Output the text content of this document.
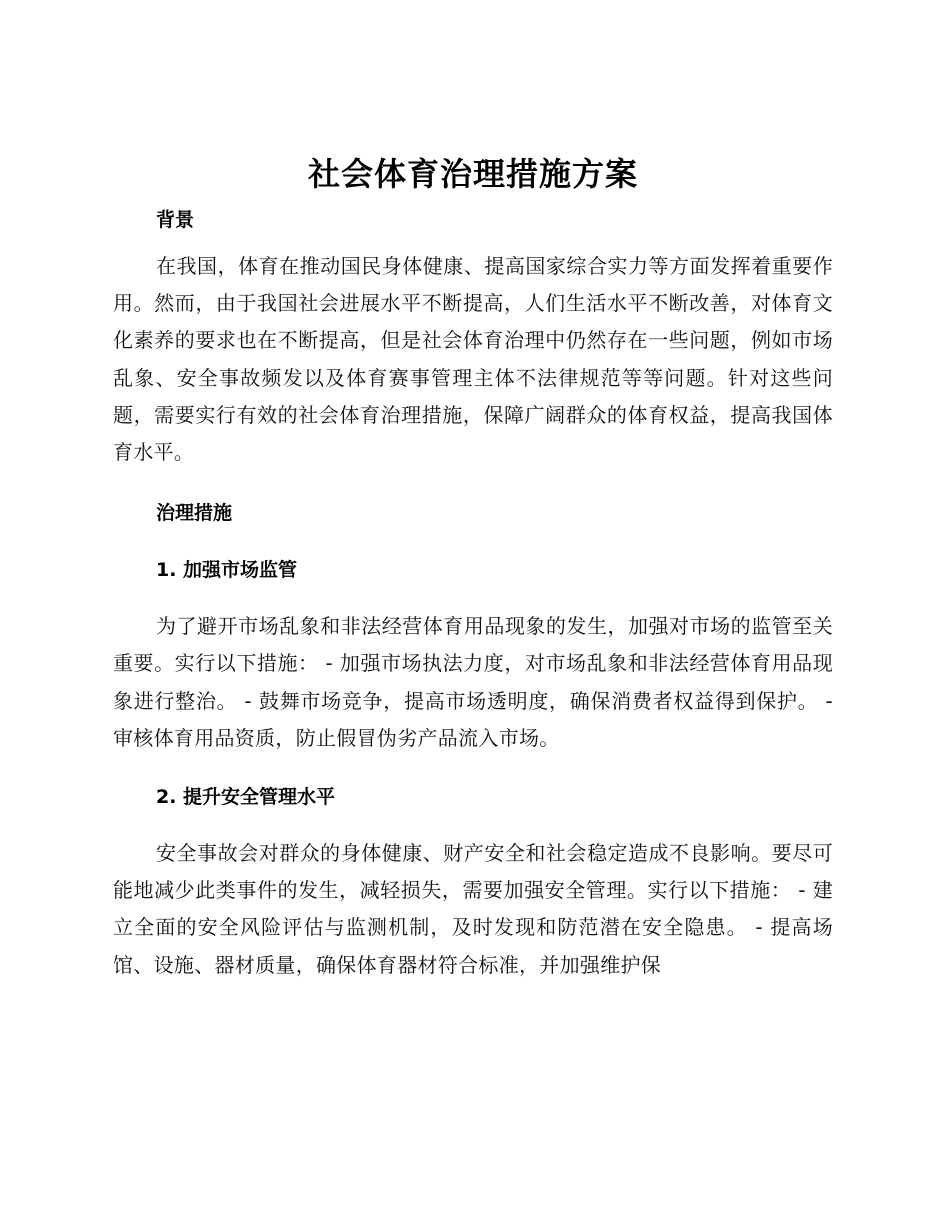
社会体育治理措施方案
背景

在我国，体育在推动国民身体健康、提高国家综合实力等方面发挥着重要作用。然而，由于我国社会进展水平不断提高，人们生活水平不断改善，对体育文化素养的要求也在不断提高，但是社会体育治理中仍然存在一些问题，例如市场乱象、安全事故频发以及体育赛事管理主体不法律规范等等问题。针对这些问题，需要实行有效的社会体育治理措施，保障广阔群众的体育权益，提高我国体育水平。

治理措施
1. 加强市场监管

为了避开市场乱象和非法经营体育用品现象的发生，加强对市场的监管至关重要。实行以下措施： - 加强市场执法力度，对市场乱象和非法经营体育用品现象进行整治。 - 鼓舞市场竞争，提高市场透明度，确保消费者权益得到保护。 - 审核体育用品资质，防止假冒伪劣产品流入市场。

2. 提升安全管理水平

安全事故会对群众的身体健康、财产安全和社会稳定造成不良影响。要尽可能地减少此类事件的发生，减轻损失，需要加强安全管理。实行以下措施： - 建立全面的安全风险评估与监测机制，及时发现和防范潜在安全隐患。 - 提高场馆、设施、器材质量，确保体育器材符合标准，并加强维护保
